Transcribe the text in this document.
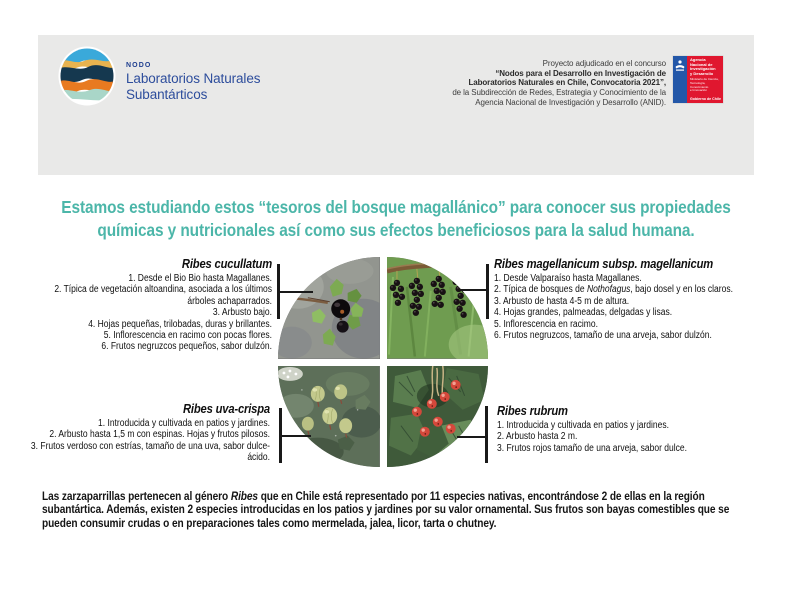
NODO
Laboratorios Naturales
Subantárticos
Proyecto adjudicado en el concurso
“Nodos para el Desarrollo en Investigación de
Laboratorios Naturales en Chile, Convocatoria 2021”,
de la Subdirección de Redes, Estrategia y Conocimiento de la
Agencia Nacional de Investigación y Desarrollo (ANID).
Agencia
Nacional de
Investigación
y Desarrollo
Ministerio de Ciencia,
Tecnología, Conocimiento
e Innovación
Gobierno de Chile
Estamos estudiando estos “tesoros del bosque magallánico” para conocer sus propiedades
químicas y nutricionales así como sus efectos beneficiosos para la salud humana.
Ribes cucullatum
1. Desde el Bio Bio hasta Magallanes.
2. Típica de vegetación altoandina, asociada a los últimos árboles achaparrados.
3. Arbusto bajo.
4. Hojas pequeñas, trilobadas, duras y brillantes.
5. Inflorescencia en racimo con pocas flores.
6. Frutos negruzcos pequeños, sabor dulzón.
Ribes magellanicum subsp. magellanicum
1. Desde Valparaíso hasta Magallanes.
2. Típica de bosques de Nothofagus, bajo dosel y en los claros.
3. Arbusto de hasta 4-5 m de altura.
4. Hojas grandes, palmeadas, delgadas y lisas.
5. Inflorescencia en racimo.
6. Frutos negruzcos, tamaño de una arveja, sabor dulzón.
Ribes uva-crispa
1. Introducida y cultivada en patios y jardines.
2. Arbusto hasta 1,5 m con espinas. Hojas y frutos pilosos.
3. Frutos verdoso con estrías, tamaño de una uva, sabor dulce-ácido.
Ribes rubrum
1. Introducida y cultivada en patios y jardines.
2. Arbusto hasta 2 m.
3. Frutos rojos tamaño de una arveja, sabor dulce.
Las zarzaparrillas pertenecen al género Ribes que en Chile está representado por 11 especies nativas, encontrándose 2 de ellas en la región subantártica. Además, existen 2 especies introducidas en los patios y jardines por su valor ornamental. Sus frutos son bayas comestibles que se pueden consumir crudas o en preparaciones tales como mermelada, jalea, licor, tarta o chutney.
